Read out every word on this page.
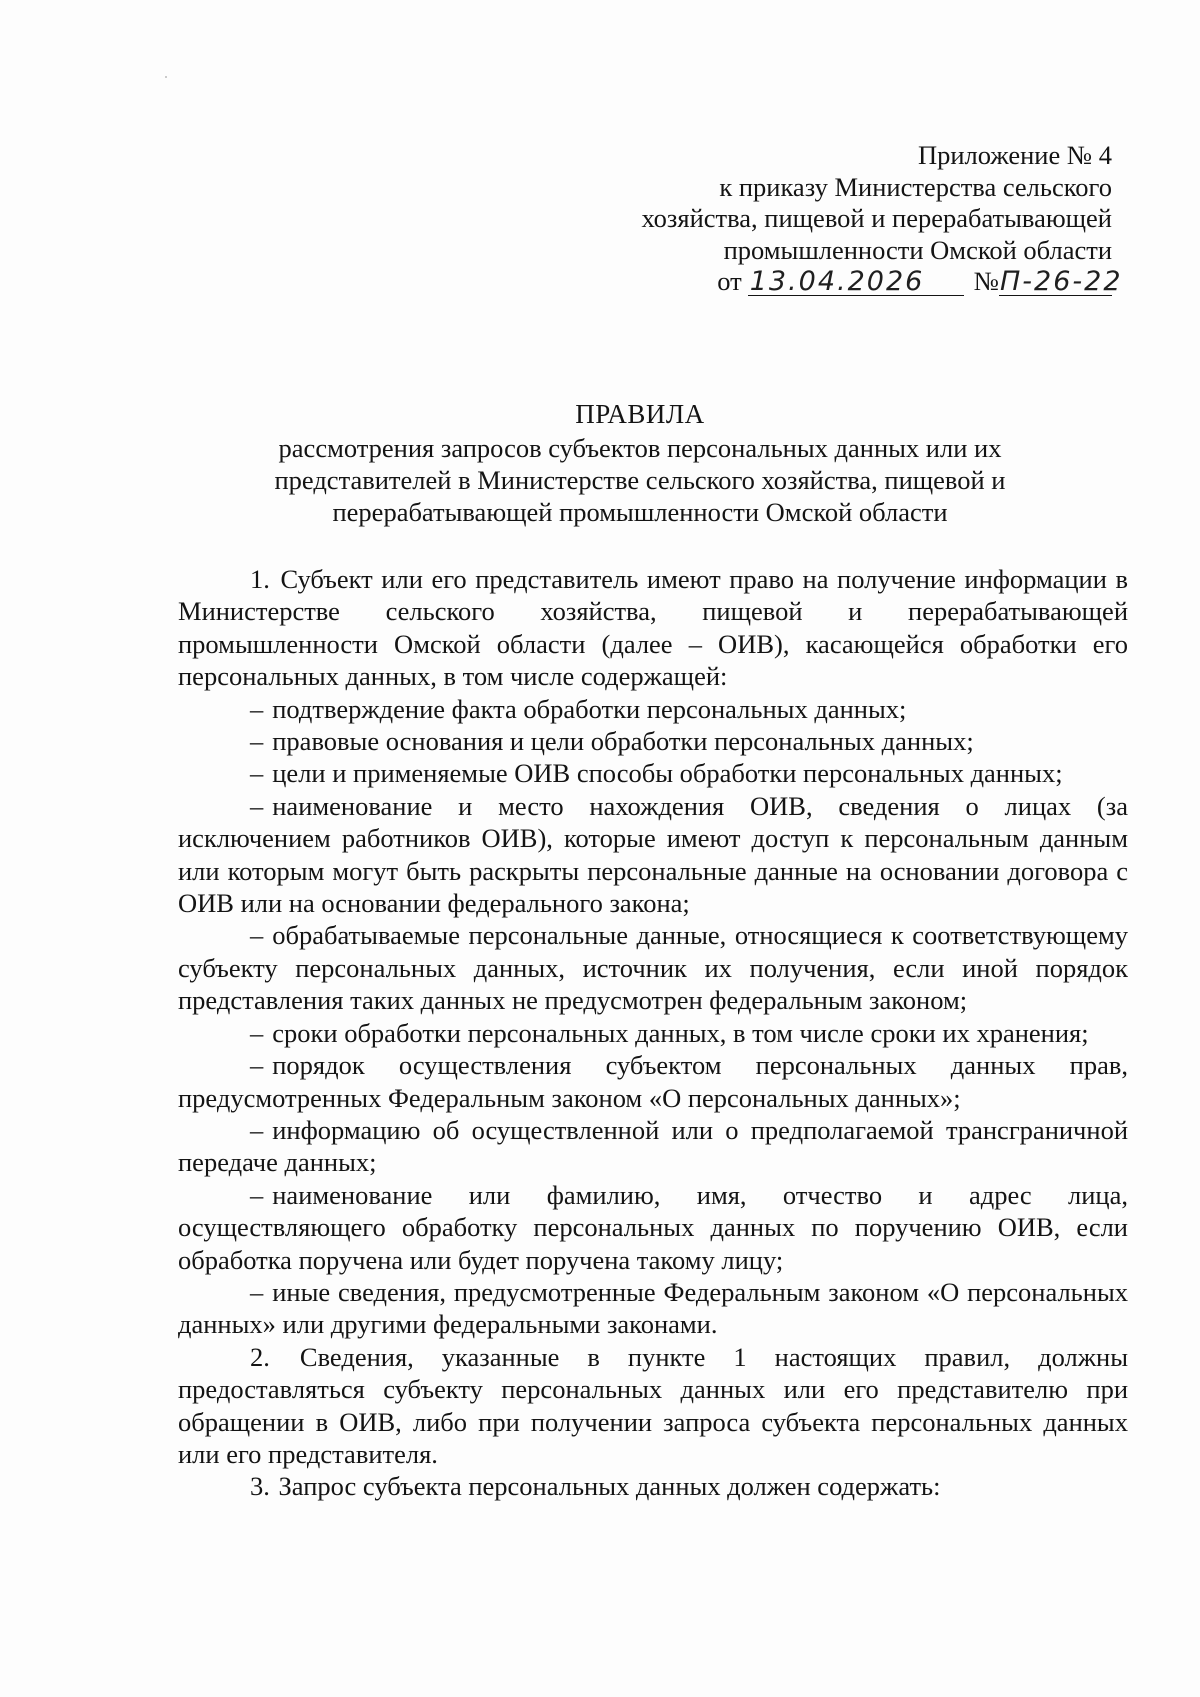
Приложение № 4
к приказу Министерства сельского
хозяйства, пищевой и перерабатывающей
промышленности Омской области
от 13.04.2026	№ П-26-22
ПРАВИЛА
рассмотрения запросов субъектов персональных данных или их
представителей в Министерстве сельского хозяйства, пищевой и
перерабатывающей промышленности Омской области

1. Субъект или его представитель имеют право на получение информации в Министерстве сельского хозяйства, пищевой и перерабатывающей промышленности Омской области (далее – ОИВ), касающейся обработки его персональных данных, в том числе содержащей:

– подтверждение факта обработки персональных данных;

– правовые основания и цели обработки персональных данных;

– цели и применяемые ОИВ способы обработки персональных данных;

– наименование и место нахождения ОИВ, сведения о лицах (за исключением работников ОИВ), которые имеют доступ к персональным данным или которым могут быть раскрыты персональные данные на основании договора с ОИВ или на основании федерального закона;

– обрабатываемые персональные данные, относящиеся к соответствующему субъекту персональных данных, источник их получения, если иной порядок представления таких данных не предусмотрен федеральным законом;

– сроки обработки персональных данных, в том числе сроки их хранения;

– порядок осуществления субъектом персональных данных прав, предусмотренных Федеральным законом «О персональных данных»;

– информацию об осуществленной или о предполагаемой трансграничной передаче данных;

– наименование или фамилию, имя, отчество и адрес лица, осуществляющего обработку персональных данных по поручению ОИВ, если обработка поручена или будет поручена такому лицу;

– иные сведения, предусмотренные Федеральным законом «О персональных данных» или другими федеральными законами.

2. Сведения, указанные в пункте 1 настоящих правил, должны предоставляться субъекту персональных данных или его представителю при обращении в ОИВ, либо при получении запроса субъекта персональных данных или его представителя.

3. Запрос субъекта персональных данных должен содержать:
